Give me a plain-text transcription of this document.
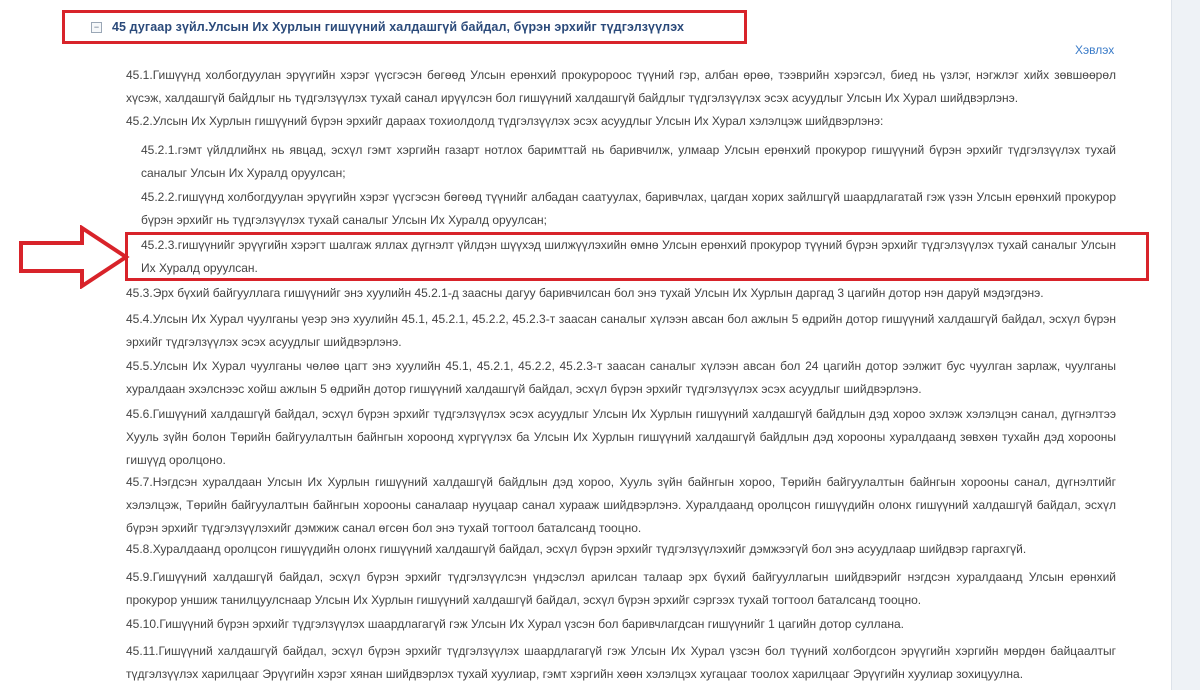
− 45 дугаар зүйл.Улсын Их Хурлын гишүүний халдашгүй байдал, бүрэн эрхийг түдгэлзүүлэх
Хэвлэх

45.1.Гишүүнд холбогдуулан эрүүгийн хэрэг үүсгэсэн бөгөөд Улсын ерөнхий прокуророос түүний гэр, албан өрөө, тээврийн хэрэгсэл, биед нь үзлэг, нэгжлэг хийх зөвшөөрөл хүсэж, халдашгүй байдлыг нь түдгэлзүүлэх тухай санал ирүүлсэн бол гишүүний халдашгүй байдлыг түдгэлзүүлэх эсэх асуудлыг Улсын Их Хурал шийдвэрлэнэ.

45.2.Улсын Их Хурлын гишүүний бүрэн эрхийг дараах тохиолдолд түдгэлзүүлэх эсэх асуудлыг Улсын Их Хурал хэлэлцэж шийдвэрлэнэ:

45.2.1.гэмт үйлдлийнх нь явцад, эсхүл гэмт хэргийн газарт нотлох баримттай нь баривчилж, улмаар Улсын ерөнхий прокурор гишүүний бүрэн эрхийг түдгэлзүүлэх тухай саналыг Улсын Их Хуралд оруулсан;

45.2.2.гишүүнд холбогдуулан эрүүгийн хэрэг үүсгэсэн бөгөөд түүнийг албадан саатуулах, баривчлах, цагдан хорих зайлшгүй шаардлагатай гэж үзэн Улсын ерөнхий прокурор бүрэн эрхийг нь түдгэлзүүлэх тухай саналыг Улсын Их Хуралд оруулсан;

45.2.3.гишүүнийг эрүүгийн хэрэгт шалгаж яллах дүгнэлт үйлдэн шүүхэд шилжүүлэхийн өмнө Улсын ерөнхий прокурор түүний бүрэн эрхийг түдгэлзүүлэх тухай саналыг Улсын Их Хуралд оруулсан.

45.3.Эрх бүхий байгууллага гишүүнийг энэ хуулийн 45.2.1-д заасны дагуу баривчилсан бол энэ тухай Улсын Их Хурлын даргад 3 цагийн дотор нэн даруй мэдэгдэнэ.

45.4.Улсын Их Хурал чуулганы үеэр энэ хуулийн 45.1, 45.2.1, 45.2.2, 45.2.3-т заасан саналыг хүлээн авсан бол ажлын 5 өдрийн дотор гишүүний халдашгүй байдал, эсхүл бүрэн эрхийг түдгэлзүүлэх эсэх асуудлыг шийдвэрлэнэ.

45.5.Улсын Их Хурал чуулганы чөлөө цагт энэ хуулийн 45.1, 45.2.1, 45.2.2, 45.2.3-т заасан саналыг хүлээн авсан бол 24 цагийн дотор ээлжит бус чуулган зарлаж, чуулганы хуралдаан эхэлснээс хойш ажлын 5 өдрийн дотор гишүүний халдашгүй байдал, эсхүл бүрэн эрхийг түдгэлзүүлэх эсэх асуудлыг шийдвэрлэнэ.

45.6.Гишүүний халдашгүй байдал, эсхүл бүрэн эрхийг түдгэлзүүлэх эсэх асуудлыг Улсын Их Хурлын гишүүний халдашгүй байдлын дэд хороо эхлэж хэлэлцэн санал, дүгнэлтээ Хууль зүйн болон Төрийн байгуулалтын байнгын хороонд хүргүүлэх ба Улсын Их Хурлын гишүүний халдашгүй байдлын дэд хорооны хуралдаанд зөвхөн тухайн дэд хорооны гишүүд оролцоно.

45.7.Нэгдсэн хуралдаан Улсын Их Хурлын гишүүний халдашгүй байдлын дэд хороо, Хууль зүйн байнгын хороо, Төрийн байгуулалтын байнгын хорооны санал, дүгнэлтийг хэлэлцэж, Төрийн байгуулалтын байнгын хорооны саналаар нууцаар санал хурааж шийдвэрлэнэ. Хуралдаанд оролцсон гишүүдийн олонх гишүүний халдашгүй байдал, эсхүл бүрэн эрхийг түдгэлзүүлэхийг дэмжиж санал өгсөн бол энэ тухай тогтоол баталсанд тооцно.

45.8.Хуралдаанд оролцсон гишүүдийн олонх гишүүний халдашгүй байдал, эсхүл бүрэн эрхийг түдгэлзүүлэхийг дэмжээгүй бол энэ асуудлаар шийдвэр гаргахгүй.

45.9.Гишүүний халдашгүй байдал, эсхүл бүрэн эрхийг түдгэлзүүлсэн үндэслэл арилсан талаар эрх бүхий байгууллагын шийдвэрийг нэгдсэн хуралдаанд Улсын ерөнхий прокурор уншиж танилцуулснаар Улсын Их Хурлын гишүүний халдашгүй байдал, эсхүл бүрэн эрхийг сэргээх тухай тогтоол баталсанд тооцно.

45.10.Гишүүний бүрэн эрхийг түдгэлзүүлэх шаардлагагүй гэж Улсын Их Хурал үзсэн бол баривчлагдсан гишүүнийг 1 цагийн дотор суллана.

45.11.Гишүүний халдашгүй байдал, эсхүл бүрэн эрхийг түдгэлзүүлэх шаардлагагүй гэж Улсын Их Хурал үзсэн бол түүний холбогдсон эрүүгийн хэргийн мөрдөн байцаалтыг түдгэлзүүлэх харилцааг Эрүүгийн хэрэг хянан шийдвэрлэх тухай хуулиар, гэмт хэргийн хөөн хэлэлцэх хугацааг тоолох харилцааг Эрүүгийн хуулиар зохицуулна.
